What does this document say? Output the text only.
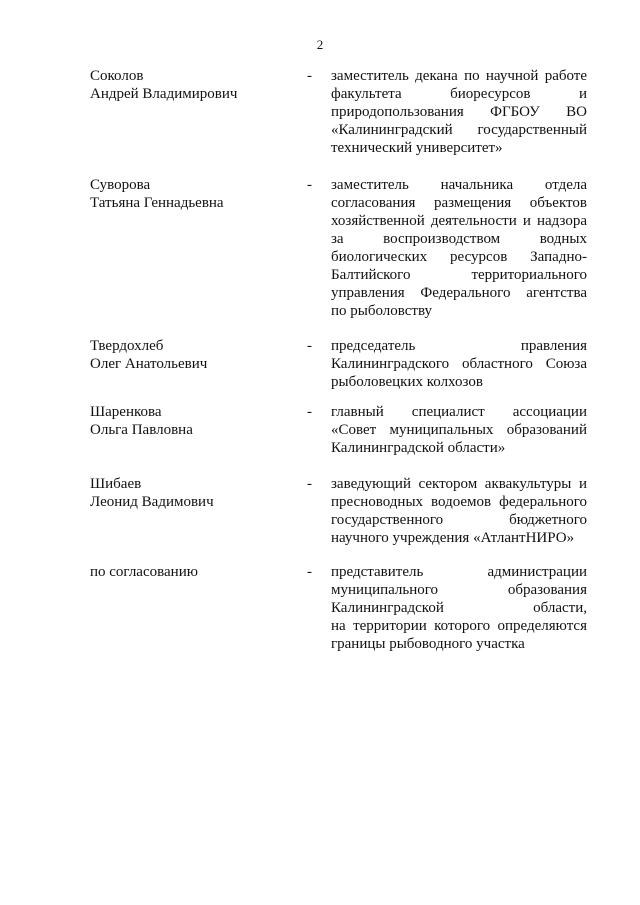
2
Соколов
Андрей Владимирович
- заместитель декана по научной работе
факультета биоресурсов и
природопользования ФГБОУ ВО
«Калининградский государственный
технический университет»
Суворова
Татьяна Геннадьевна
- заместитель начальника отдела
согласования размещения объектов
хозяйственной деятельности и надзора
за воспроизводством водных
биологических ресурсов Западно-
Балтийского территориального
управления Федерального агентства
по рыболовству
Твердохлеб
Олег Анатольевич
- председатель правления
Калининградского областного Союза
рыболовецких колхозов
Шаренкова
Ольга Павловна
- главный специалист ассоциации
«Совет муниципальных образований
Калининградской области»
Шибаев
Леонид Вадимович
- заведующий сектором аквакультуры и
пресноводных водоемов федерального
государственного бюджетного
научного учреждения «АтлантНИРО»
по согласованию	- представитель администрации
муниципального образования
Калининградской области,
на территории которого определяются
границы рыбоводного участка
